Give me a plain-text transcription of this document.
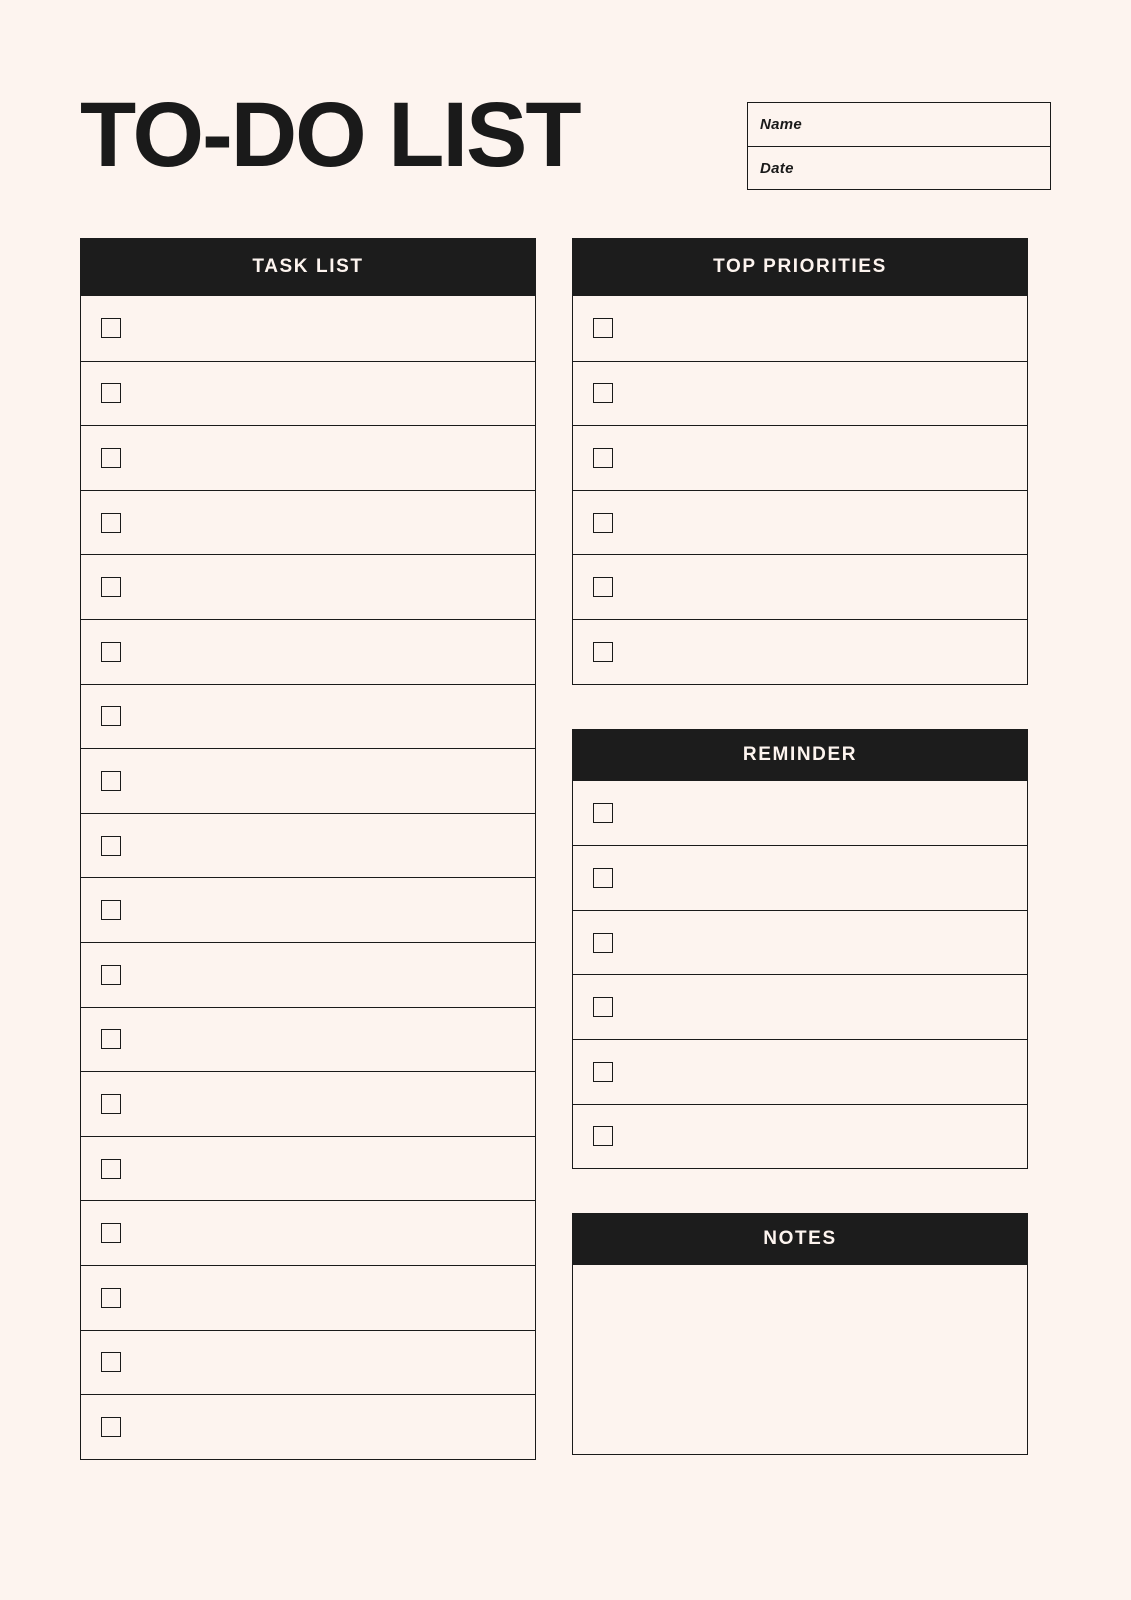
TO-DO LIST	Name
Date
TASK LIST	TOP PRIORITIES
REMINDER
NOTES
